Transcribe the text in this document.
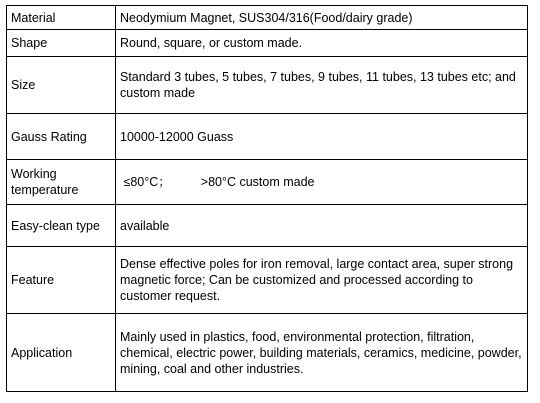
Material	Neodymium Magnet, SUS304/316(Food/dairy grade)
Shape	Round, square, or custom made.
Size	Standard 3 tubes, 5 tubes, 7 tubes, 9 tubes, 11 tubes, 13 tubes etc; and custom made
Gauss Rating	10000-12000 Guass
Working temperature	≤80°C； >80°C custom made
Easy-clean type	available
Feature	Dense effective poles for iron removal, large contact area, super strong magnetic force; Can be customized and processed according to customer request.
Application	Mainly used in plastics, food, environmental protection, filtration, chemical, electric power, building materials, ceramics, medicine, powder, mining, coal and other industries.
